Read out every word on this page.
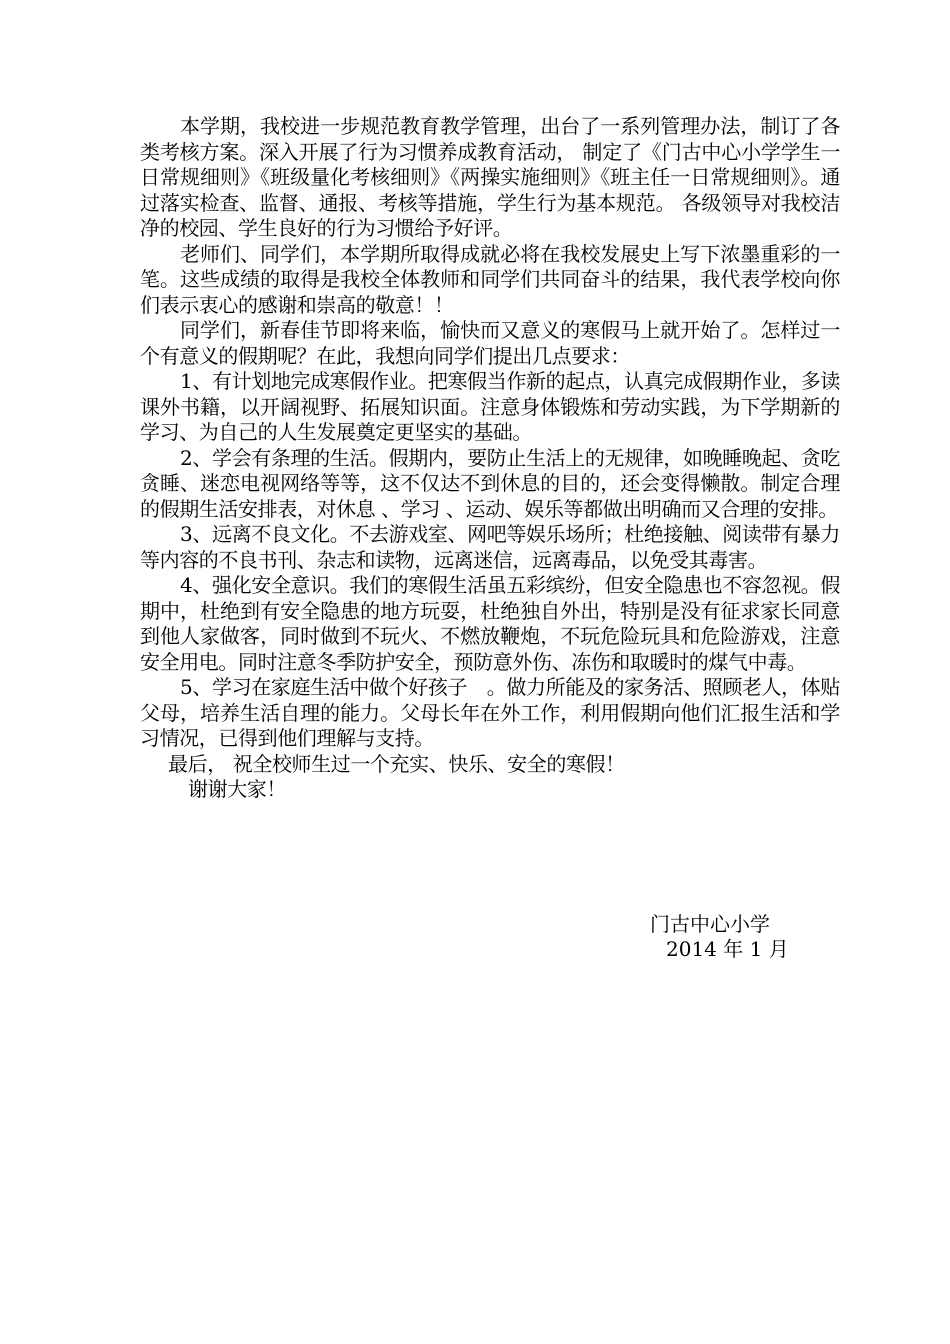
本学期，我校进一步规范教育教学管理，出台了一系列管理办法，制订了各类考核方案。深入开展了行为习惯养成教育活动， 制定了《门古中心小学学生一日常规细则》《班级量化考核细则》《两操实施细则》《班主任一日常规细则》。通过落实检查、监督、通报、考核等措施，学生行为基本规范。 各级领导对我校洁净的校园、学生良好的行为习惯给予好评。

老师们、同学们，本学期所取得成就必将在我校发展史上写下浓墨重彩的一笔。这些成绩的取得是我校全体教师和同学们共同奋斗的结果，我代表学校向你们表示衷心的感谢和崇高的敬意！！

同学们，新春佳节即将来临，愉快而又意义的寒假马上就开始了。怎样过一个有意义的假期呢？在此，我想向同学们提出几点要求：

1、有计划地完成寒假作业。把寒假当作新的起点，认真完成假期作业，多读课外书籍，以开阔视野、拓展知识面。注意身体锻炼和劳动实践，为下学期新的学习、为自己的人生发展奠定更坚实的基础。

2、学会有条理的生活。假期内，要防止生活上的无规律，如晚睡晚起、贪吃贪睡、迷恋电视网络等等，这不仅达不到休息的目的，还会变得懒散。制定合理的假期生活安排表，对休息 、学习 、运动、娱乐等都做出明确而又合理的安排。

3、远离不良文化。不去游戏室、网吧等娱乐场所；杜绝接触、阅读带有暴力等内容的不良书刊、杂志和读物，远离迷信，远离毒品，以免受其毒害。

4、强化安全意识。我们的寒假生活虽五彩缤纷，但安全隐患也不容忽视。假期中，杜绝到有安全隐患的地方玩耍，杜绝独自外出，特别是没有征求家长同意到他人家做客，同时做到不玩火、不燃放鞭炮，不玩危险玩具和危险游戏，注意安全用电。同时注意冬季防护安全，预防意外伤、冻伤和取暖时的煤气中毒。

5、学习在家庭生活中做个好孩子　。做力所能及的家务活、照顾老人，体贴父母，培养生活自理的能力。父母长年在外工作，利用假期向他们汇报生活和学习情况，已得到他们理解与支持。

最后， 祝全校师生过一个充实、快乐、安全的寒假！

谢谢大家！

门古中心小学
2014 年 1 月
